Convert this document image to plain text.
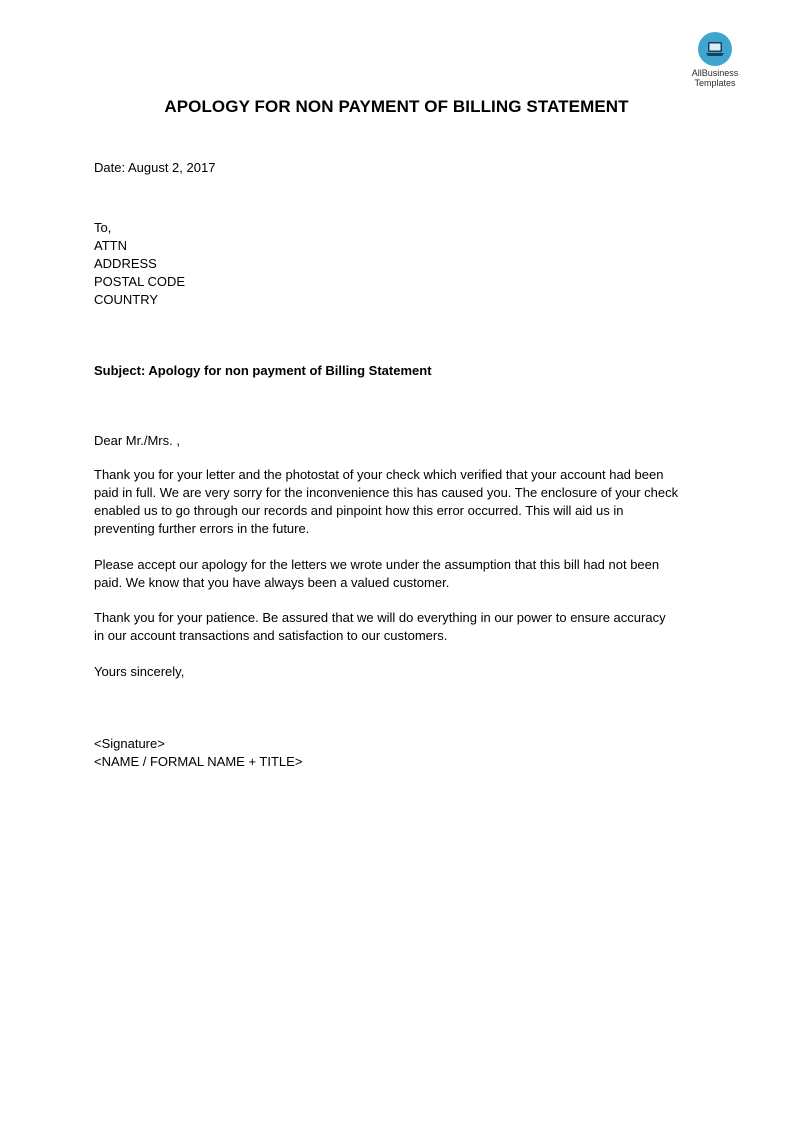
AllBusiness
Templates
APOLOGY FOR NON PAYMENT OF BILLING STATEMENT
Date: August 2, 2017
To,
ATTN
ADDRESS
POSTAL CODE
COUNTRY
Subject: Apology for non payment of Billing Statement
Dear Mr./Mrs. ,
Thank you for your letter and the photostat of your check which verified that your account had been
paid in full. We are very sorry for the inconvenience this has caused you. The enclosure of your check
enabled us to go through our records and pinpoint how this error occurred. This will aid us in
preventing further errors in the future.
Please accept our apology for the letters we wrote under the assumption that this bill had not been
paid. We know that you have always been a valued customer.
Thank you for your patience. Be assured that we will do everything in our power to ensure accuracy
in our account transactions and satisfaction to our customers.
Yours sincerely,
<Signature>
<NAME / FORMAL NAME + TITLE>
